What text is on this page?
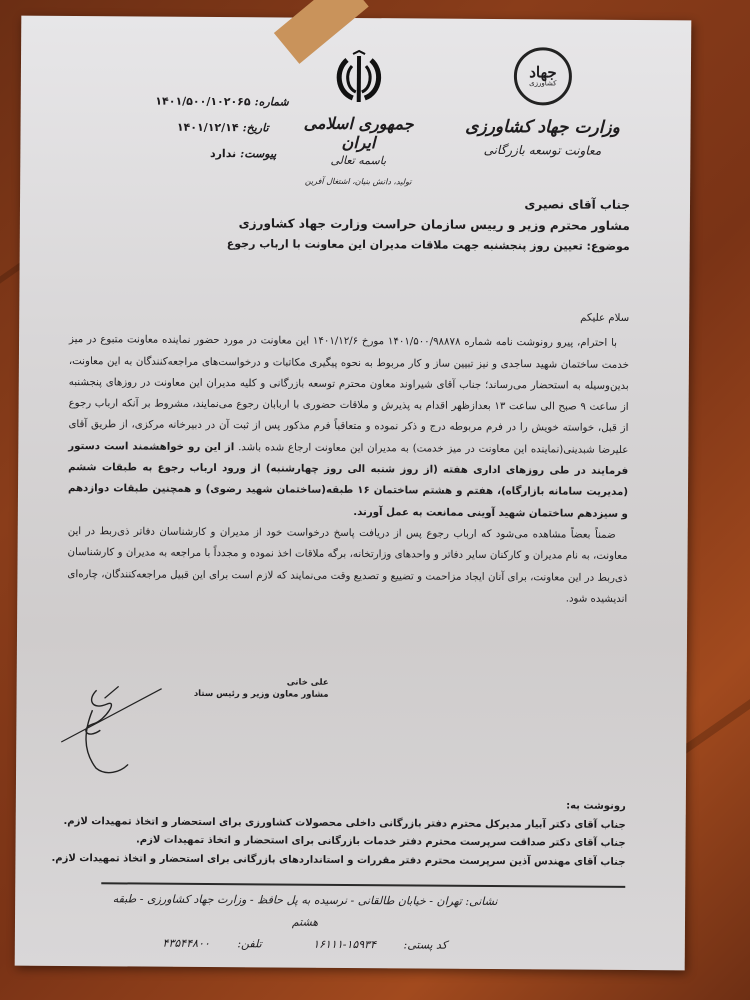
جهاد
کشاورزی
وزارت جهاد کشاورزی
معاونت توسعه بازرگانی
جمهوری اسلامی ایران
باسمه تعالی
تولید، دانش بنیان، اشتغال آفرین
شماره:
۱۴۰۱/۵۰۰/۱۰۲۰۶۵
تاریخ:
۱۴۰۱/۱۲/۱۴
پیوست:
ندارد
جناب آقای نصیری
مشاور محترم وزیر و رییس سازمان حراست وزارت جهاد کشاورزی
موضوع: تعیین روز پنجشنبه جهت ملاقات مدیران این معاونت با ارباب رجوع

سلام علیکم

با احترام، پیرو رونوشت نامه شماره ۱۴۰۱/۵۰۰/۹۸۸۷۸ مورخ ۱۴۰۱/۱۲/۶ این معاونت در مورد حضور نماینده معاونت متبوع در میز خدمت ساختمان شهید ساجدی و نیز تبیین ساز و کار مربوط به نحوه پیگیری مکاتبات و درخواست‌های مراجعه‌کنندگان به این معاونت، بدین‌وسیله به استحضار می‌رساند؛ جناب آقای شیراوند معاون محترم توسعه بازرگانی و کلیه مدیران این معاونت در روزهای پنجشنبه از ساعت ۹ صبح الی ساعت ۱۳ بعدازظهر اقدام به پذیرش و ملاقات حضوری با اربابان رجوع می‌نمایند، مشروط بر آنکه ارباب رجوع از قبل، خواسته خویش را در فرم مربوطه درج و ذکر نموده و متعاقباً فرم مذکور پس از ثبت آن در دبیرخانه مرکزی، از طریق آقای علیرضا شبدینی(نماینده این معاونت در میز خدمت) به مدیران این معاونت ارجاع شده باشد. از این رو خواهشمند است دستور فرمایند در طی روزهای اداری هفته (از روز شنبه الی روز چهارشنبه) از ورود ارباب رجوع به طبقات ششم (مدیریت سامانه بازارگاه)، هفتم و هشتم ساختمان ۱۶ طبقه(ساختمان شهید رضوی) و همچنین طبقات دوازدهم و سیزدهم ساختمان شهید آوینی ممانعت به عمل آورند.

ضمناً بعضاً مشاهده می‌شود که ارباب رجوع پس از دریافت پاسخ درخواست خود از مدیران و کارشناسان دفاتر ذی‌ربط در این معاونت، به نام مدیران و کارکنان سایر دفاتر و واحدهای وزارتخانه، برگه ملاقات اخذ نموده و مجدداً با مراجعه به مدیران و کارشناسان ذی‌ربط در این معاونت، برای آنان ایجاد مزاحمت و تضییع و تصدیع وقت می‌نمایند که لازم است برای این قبیل مراجعه‌کنندگان، چاره‌ای اندیشیده شود.

علی خانی
مشاور معاون وزیر و رئیس ستاد
رونوشت به:
جناب آقای دکتر آبیار مدیرکل محترم دفتر بازرگانی داخلی محصولات کشاورزی برای استحضار و اتخاذ تمهیدات لازم.
جناب آقای دکتر صداقت سرپرست محترم دفتر خدمات بازرگانی برای استحضار و اتخاذ تمهیدات لازم.
جناب آقای مهندس آذین سرپرست محترم دفتر مقررات و استانداردهای بازرگانی برای استحضار و اتخاذ تمهیدات لازم.
نشانی: تهران - خیابان طالقانی - نرسیده به پل حافظ - وزارت جهاد کشاورزی - طبقه هشتم
کد پستی: ۱۵۹۳۴-۱۶۱۱۱ تلفن: ۴۳۵۴۴۸۰۰
